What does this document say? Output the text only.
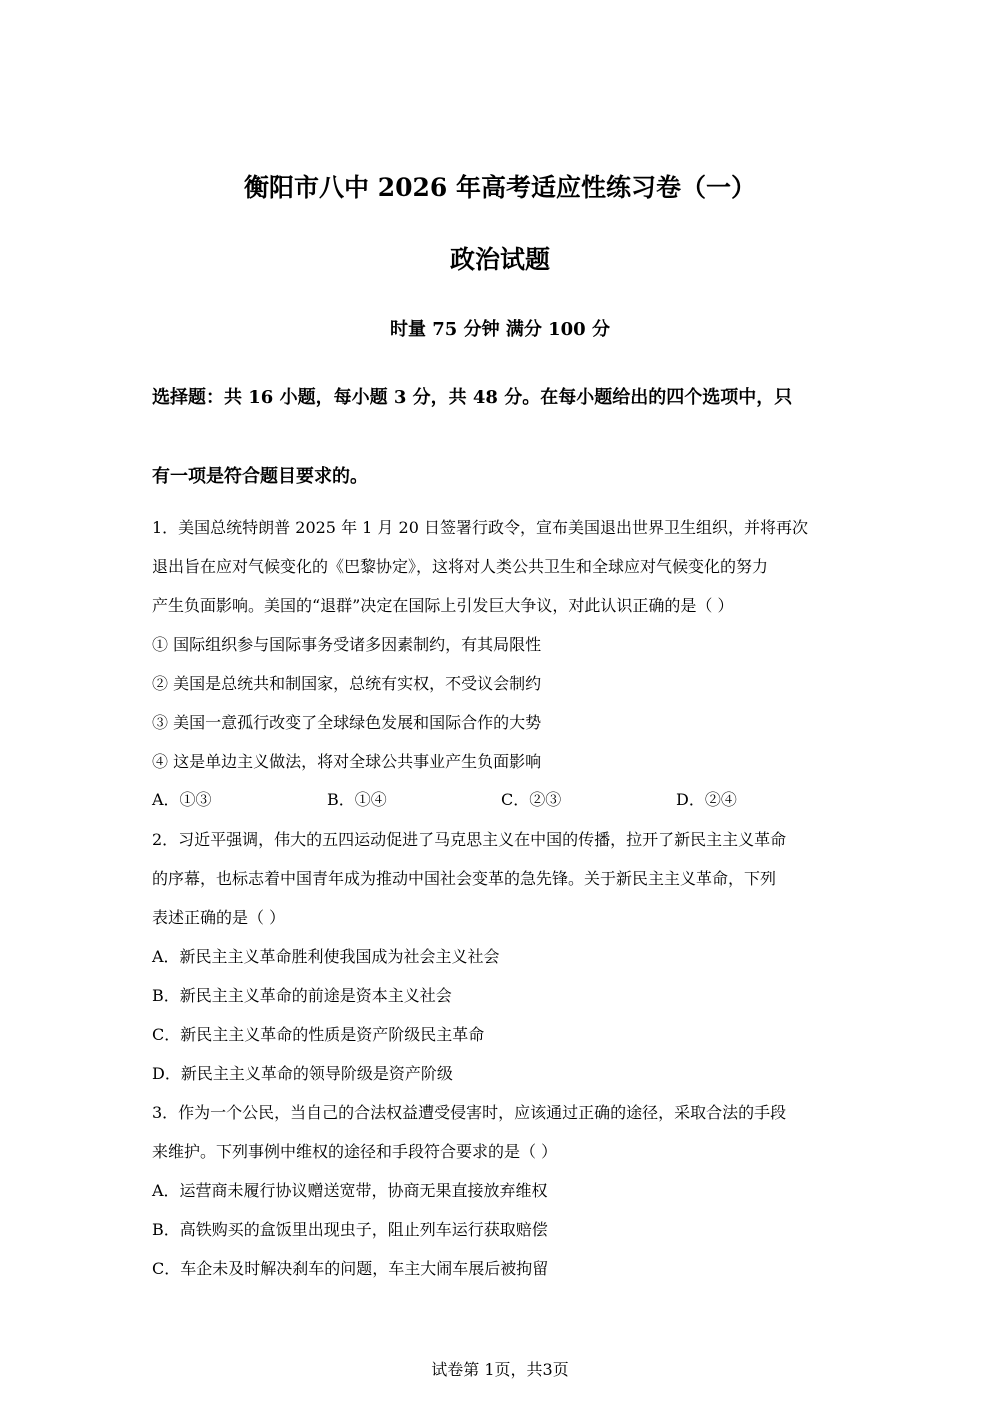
衡阳市八中 2026 年高考适应性练习卷（一）
政治试题
时量 75 分钟 满分 100 分
选择题：共 16 小题，每小题 3 分，共 48 分。在每小题给出的四个选项中，只
有一项是符合题目要求的。
1．美国总统特朗普 2025 年 1 月 20 日签署行政令，宣布美国退出世界卫生组织，并将再次
退出旨在应对气候变化的《巴黎协定》，这将对人类公共卫生和全球应对气候变化的努力
产生负面影响。美国的“退群”决定在国际上引发巨大争议，对此认识正确的是（ ）
① 国际组织参与国际事务受诸多因素制约，有其局限性
② 美国是总统共和制国家，总统有实权，不受议会制约
③ 美国一意孤行改变了全球绿色发展和国际合作的大势
④ 这是单边主义做法，将对全球公共事业产生负面影响
A．①③	B．①④	C．②③	D．②④
2．习近平强调，伟大的五四运动促进了马克思主义在中国的传播，拉开了新民主主义革命
的序幕，也标志着中国青年成为推动中国社会变革的急先锋。关于新民主主义革命，下列
表述正确的是（ ）
A．新民主主义革命胜利使我国成为社会主义社会
B．新民主主义革命的前途是资本主义社会
C．新民主主义革命的性质是资产阶级民主革命
D．新民主主义革命的领导阶级是资产阶级
3．作为一个公民，当自己的合法权益遭受侵害时，应该通过正确的途径，采取合法的手段
来维护。下列事例中维权的途径和手段符合要求的是（ ）
A．运营商未履行协议赠送宽带，协商无果直接放弃维权
B．高铁购买的盒饭里出现虫子，阻止列车运行获取赔偿
C．车企未及时解决刹车的问题，车主大闹车展后被拘留
试卷第 1页，共3页
